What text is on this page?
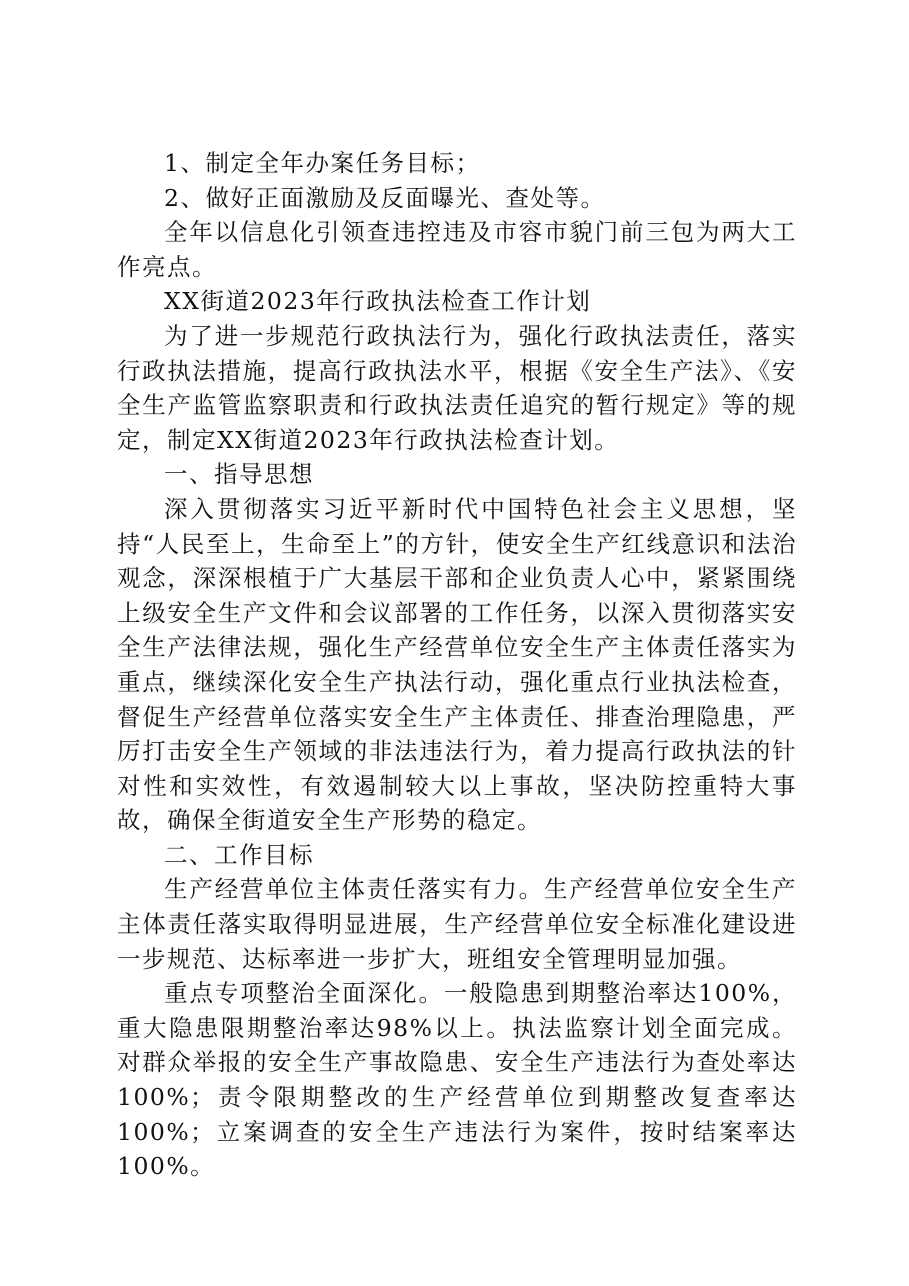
1、制定全年办案任务目标；

2、做好正面激励及反面曝光、查处等。

全年以信息化引领查违控违及市容市貌门前三包为两大工作亮点。

XX街道2023年行政执法检查工作计划

为了进一步规范行政执法行为，强化行政执法责任，落实行政执法措施，提高行政执法水平，根据《安全生产法》、《安全生产监管监察职责和行政执法责任追究的暂行规定》等的规定，制定XX街道2023年行政执法检查计划。

一、指导思想

深入贯彻落实习近平新时代中国特色社会主义思想，坚持“人民至上，生命至上”的方针，使安全生产红线意识和法治观念，深深根植于广大基层干部和企业负责人心中，紧紧围绕上级安全生产文件和会议部署的工作任务，以深入贯彻落实安全生产法律法规，强化生产经营单位安全生产主体责任落实为重点，继续深化安全生产执法行动，强化重点行业执法检查，督促生产经营单位落实安全生产主体责任、排查治理隐患，严厉打击安全生产领域的非法违法行为，着力提高行政执法的针对性和实效性，有效遏制较大以上事故，坚决防控重特大事故，确保全街道安全生产形势的稳定。

二、工作目标

生产经营单位主体责任落实有力。生产经营单位安全生产主体责任落实取得明显进展，生产经营单位安全标准化建设进一步规范、达标率进一步扩大，班组安全管理明显加强。

重点专项整治全面深化。一般隐患到期整治率达100%，重大隐患限期整治率达98%以上。执法监察计划全面完成。对群众举报的安全生产事故隐患、安全生产违法行为查处率达100%；责令限期整改的生产经营单位到期整改复查率达100%；立案调查的安全生产违法行为案件，按时结案率达100%。
